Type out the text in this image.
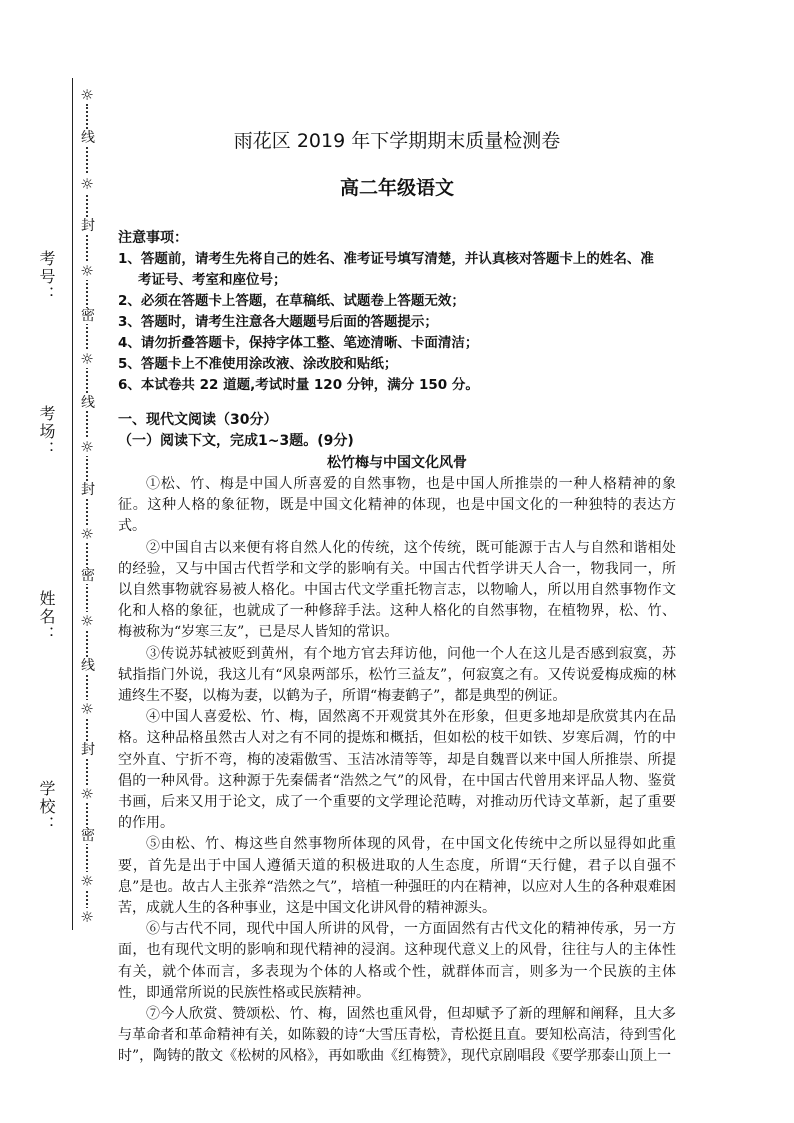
考号：
考场：
姓名：
学校：
☼
线
☼
封
☼
密
☼
线
☼
封
☼
密
☼
线
☼
封
☼
密
☼
☼
雨花区 2019 年下学期期末质量检测卷
高二年级语文
注意事项：
1、答题前，请考生先将自己的姓名、准考证号填写清楚，并认真核对答题卡上的姓名、准
考证号、考室和座位号；
2、必须在答题卡上答题，在草稿纸、试题卷上答题无效；
3、答题时，请考生注意各大题题号后面的答题提示；
4、请勿折叠答题卡，保持字体工整、笔迹清晰、卡面清洁；
5、答题卡上不准使用涂改液、涂改胶和贴纸；
6、本试卷共 22 道题,考试时量 120 分钟，满分 150 分。
一、现代文阅读（30分）
（一）阅读下文，完成1~3题。(9分)
松竹梅与中国文化风骨

①松、竹、梅是中国人所喜爱的自然事物，也是中国人所推崇的一种人格精神的象征。这种人格的象征物，既是中国文化精神的体现，也是中国文化的一种独特的表达方式。

②中国自古以来便有将自然人化的传统，这个传统，既可能源于古人与自然和谐相处的经验，又与中国古代哲学和文学的影响有关。中国古代哲学讲天人合一，物我同一，所以自然事物就容易被人格化。中国古代文学重托物言志，以物喻人，所以用自然事物作文化和人格的象征，也就成了一种修辞手法。这种人格化的自然事物，在植物界，松、竹、梅被称为“岁寒三友”，已是尽人皆知的常识。

③传说苏轼被贬到黄州，有个地方官去拜访他，问他一个人在这儿是否感到寂寞，苏轼指指门外说，我这儿有“风泉两部乐，松竹三益友”，何寂寞之有。又传说爱梅成痴的林逋终生不娶，以梅为妻，以鹤为子，所谓“梅妻鹤子”，都是典型的例证。

④中国人喜爱松、竹、梅，固然离不开观赏其外在形象，但更多地却是欣赏其内在品格。这种品格虽然古人对之有不同的提炼和概括，但如松的枝干如铁、岁寒后凋，竹的中空外直、宁折不弯，梅的凌霜傲雪、玉洁冰清等等，却是自魏晋以来中国人所推崇、所提倡的一种风骨。这种源于先秦儒者“浩然之气”的风骨，在中国古代曾用来评品人物、鉴赏书画，后来又用于论文，成了一个重要的文学理论范畴，对推动历代诗文革新，起了重要的作用。

⑤由松、竹、梅这些自然事物所体现的风骨，在中国文化传统中之所以显得如此重要，首先是出于中国人遵循天道的积极进取的人生态度，所谓“天行健，君子以自强不息”是也。故古人主张养“浩然之气”，培植一种强旺的内在精神，以应对人生的各种艰难困苦，成就人生的各种事业，这是中国文化讲风骨的精神源头。

⑥与古代不同，现代中国人所讲的风骨，一方面固然有古代文化的精神传承，另一方面，也有现代文明的影响和现代精神的浸润。这种现代意义上的风骨，往往与人的主体性有关，就个体而言，多表现为个体的人格或个性，就群体而言，则多为一个民族的主体性，即通常所说的民族性格或民族精神。

⑦今人欣赏、赞颂松、竹、梅，固然也重风骨，但却赋予了新的理解和阐释，且大多与革命者和革命精神有关，如陈毅的诗“大雪压青松，青松挺且直。要知松高洁，待到雪化时”，陶铸的散文《松树的风格》，再如歌曲《红梅赞》，现代京剧唱段《要学那泰山顶上一
